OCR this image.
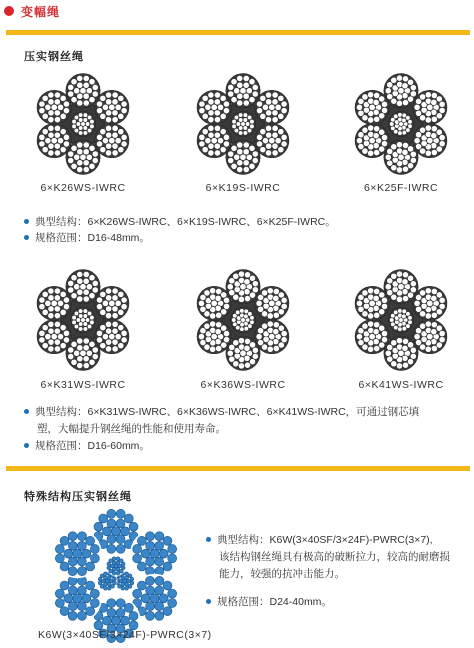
变幅绳
压实钢丝绳
6×K26WS-IWRC	6×K19S-IWRC	6×K25F-IWRC
典型结构：6×K26WS-IWRC、6×K19S-IWRC、6×K25F-IWRC。
规格范围：D16-48mm。
6×K31WS-IWRC	6×K36WS-IWRC	6×K41WS-IWRC
典型结构：6×K31WS-IWRC、6×K36WS-IWRC、6×K41WS-IWRC，可通过钢芯填
塑，大幅提升钢丝绳的性能和使用寿命。
规格范围：D16-60mm。
特殊结构压实钢丝绳
K6W(3×40SF/3×24F)-PWRC(3×7)
典型结构：K6W(3×40SF/3×24F)-PWRC(3×7),
该结构钢丝绳具有极高的破断拉力，较高的耐磨损
能力，较强的抗冲击能力。
规格范围：D24-40mm。
